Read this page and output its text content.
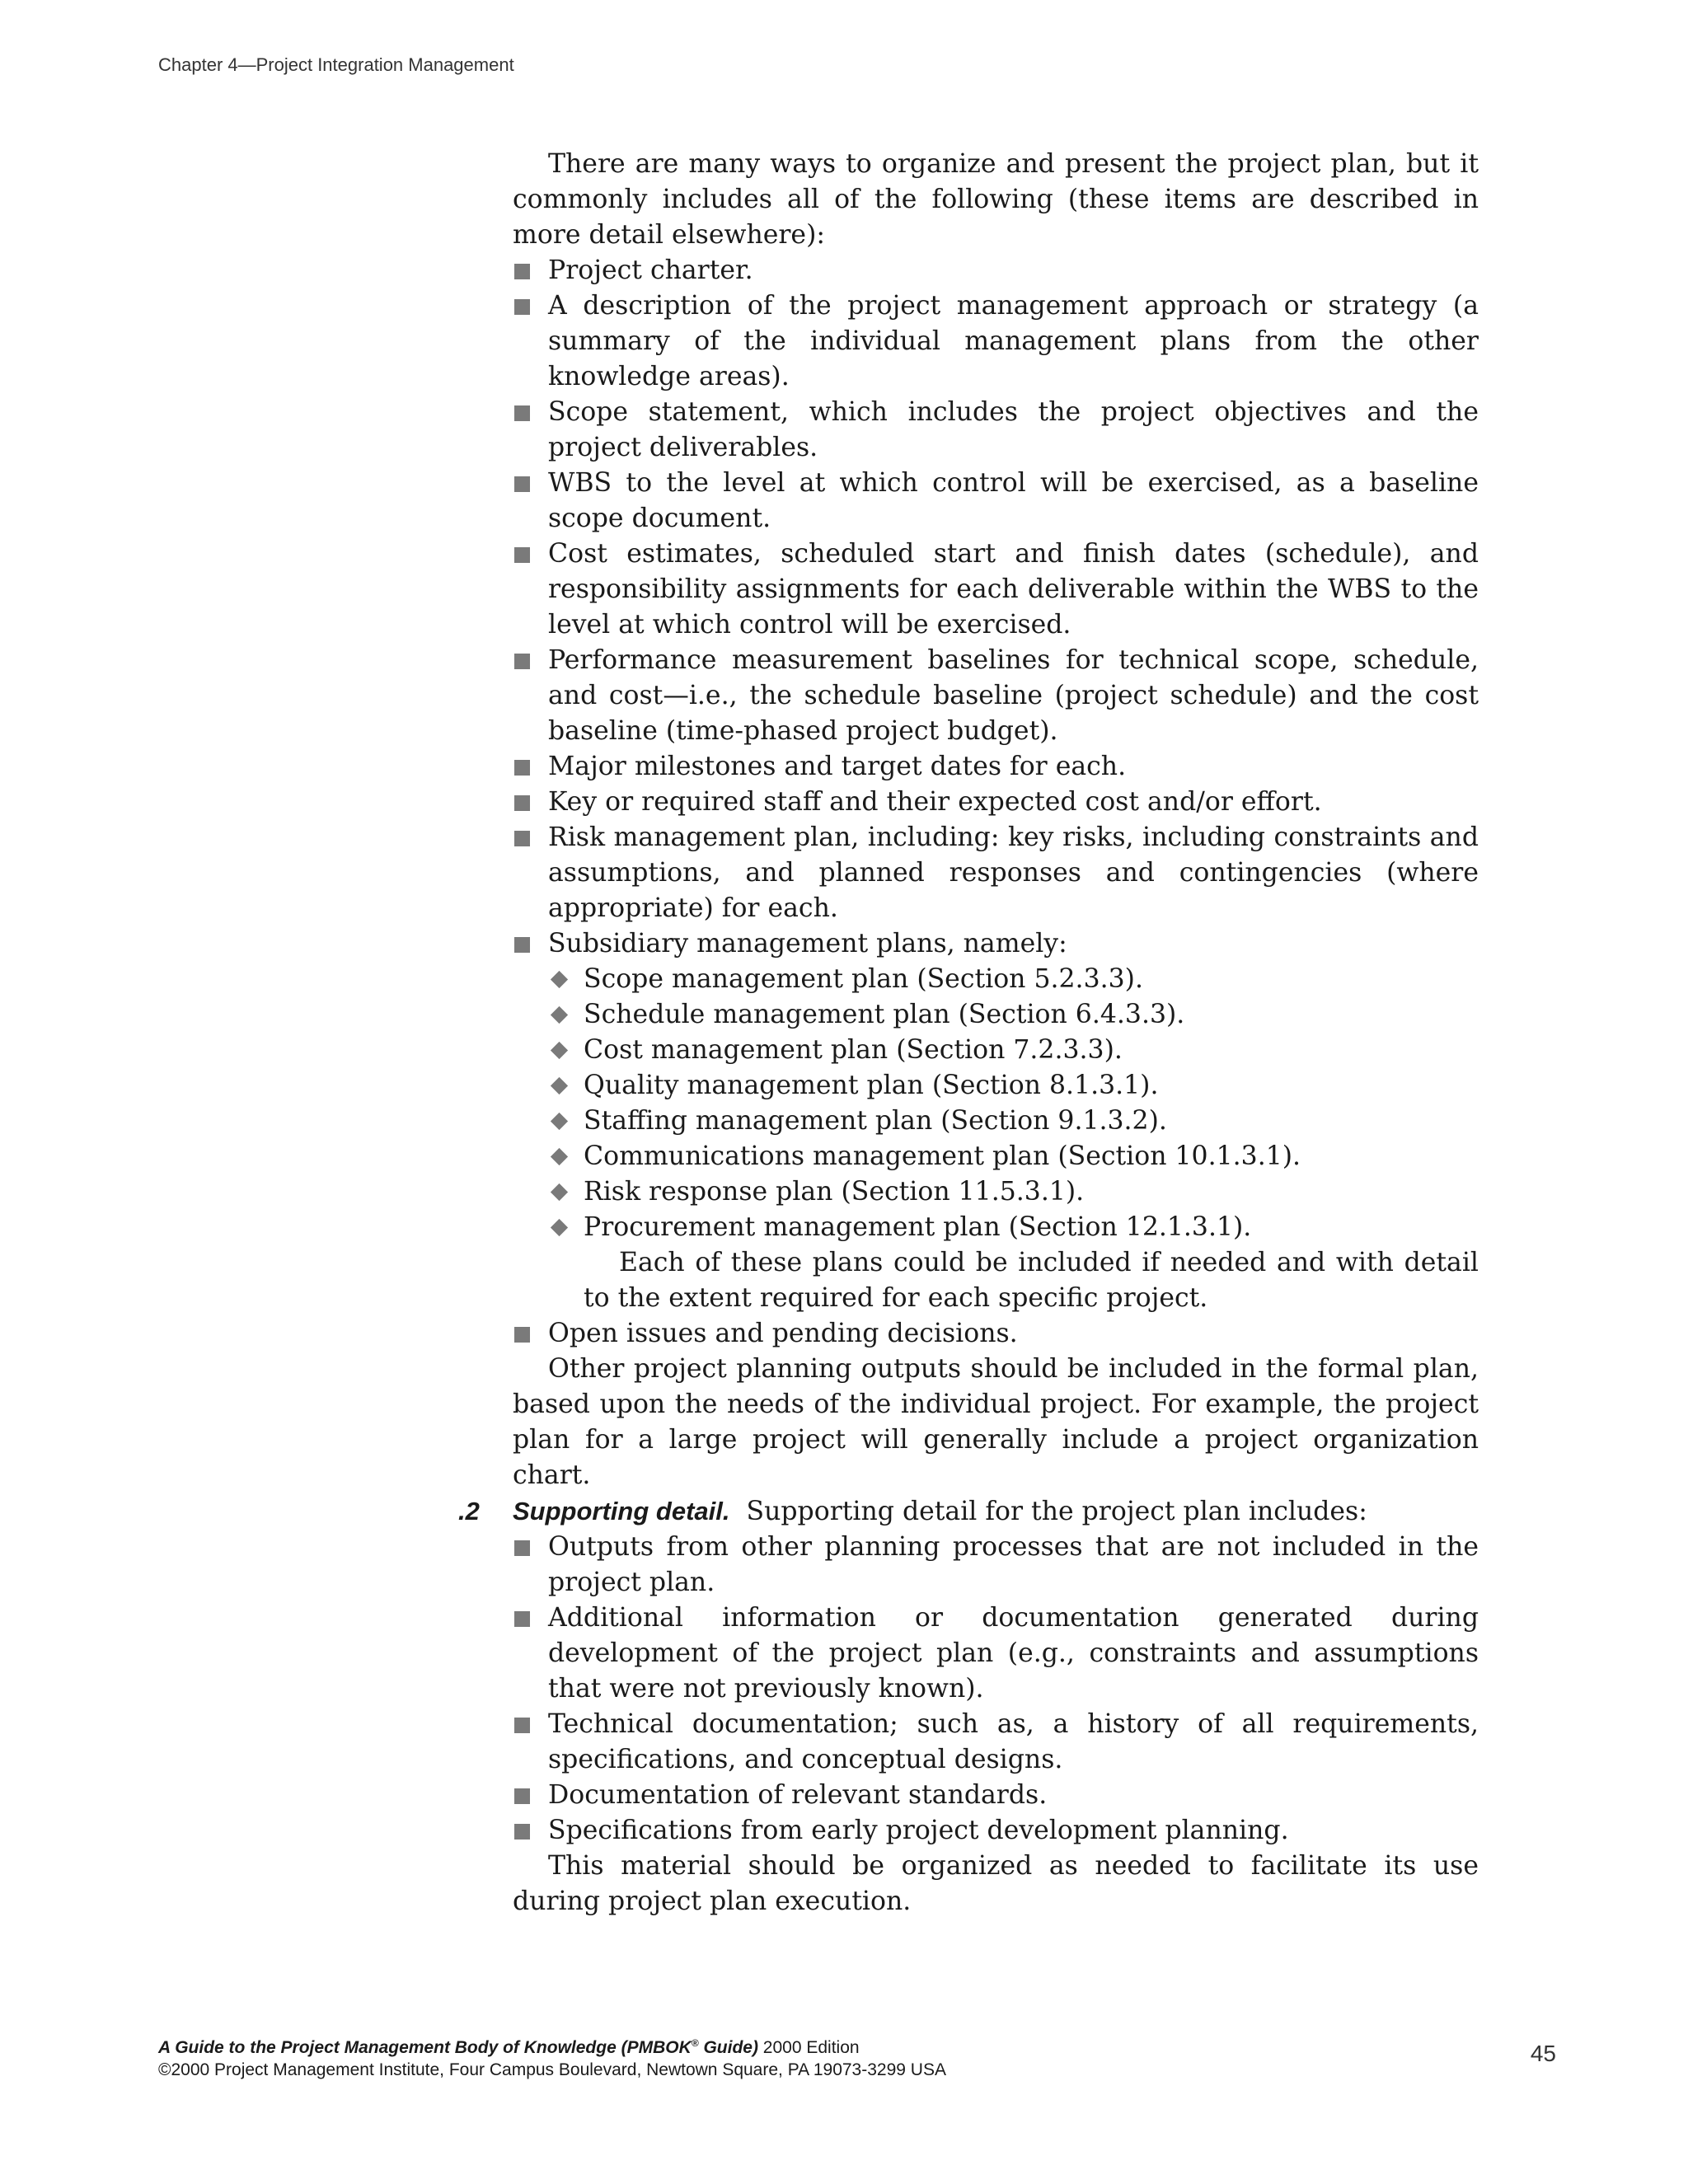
Chapter 4—Project Integration Management

There are many ways to organize and present the project plan, but it commonly includes all of the following (these items are described in more detail elsewhere):

Project charter.

A description of the project management approach or strategy (a summary of the individual management plans from the other knowledge areas).

Scope statement, which includes the project objectives and the project deliverables.

WBS to the level at which control will be exercised, as a baseline scope document.

Cost estimates, scheduled start and finish dates (schedule), and responsibility assignments for each deliverable within the WBS to the level at which control will be exercised.

Performance measurement baselines for technical scope, schedule, and cost—i.e., the schedule baseline (project schedule) and the cost baseline (time-phased project budget).

Major milestones and target dates for each.

Key or required staff and their expected cost and/or effort.

Risk management plan, including: key risks, including constraints and assumptions, and planned responses and contingencies (where appropriate) for each.

Subsidiary management plans, namely:

Scope management plan (Section 5.2.3.3).

Schedule management plan (Section 6.4.3.3).

Cost management plan (Section 7.2.3.3).

Quality management plan (Section 8.1.3.1).

Staffing management plan (Section 9.1.3.2).

Communications management plan (Section 10.1.3.1).

Risk response plan (Section 11.5.3.1).

Procurement management plan (Section 12.1.3.1).

Each of these plans could be included if needed and with detail to the extent required for each specific project.

Open issues and pending decisions.

Other project planning outputs should be included in the formal plan, based upon the needs of the individual project. For example, the project plan for a large project will generally include a project organization chart.

.2 Supporting detail. Supporting detail for the project plan includes:

Outputs from other planning processes that are not included in the project plan.

Additional information or documentation generated during development of the project plan (e.g., constraints and assumptions that were not previously known).

Technical documentation; such as, a history of all requirements, specifications, and conceptual designs.

Documentation of relevant standards.

Specifications from early project development planning.

This material should be organized as needed to facilitate its use during project plan execution.

A Guide to the Project Management Body of Knowledge (PMBOK® Guide) 2000 Edition
©2000 Project Management Institute, Four Campus Boulevard, Newtown Square, PA 19073-3299 USA
45
